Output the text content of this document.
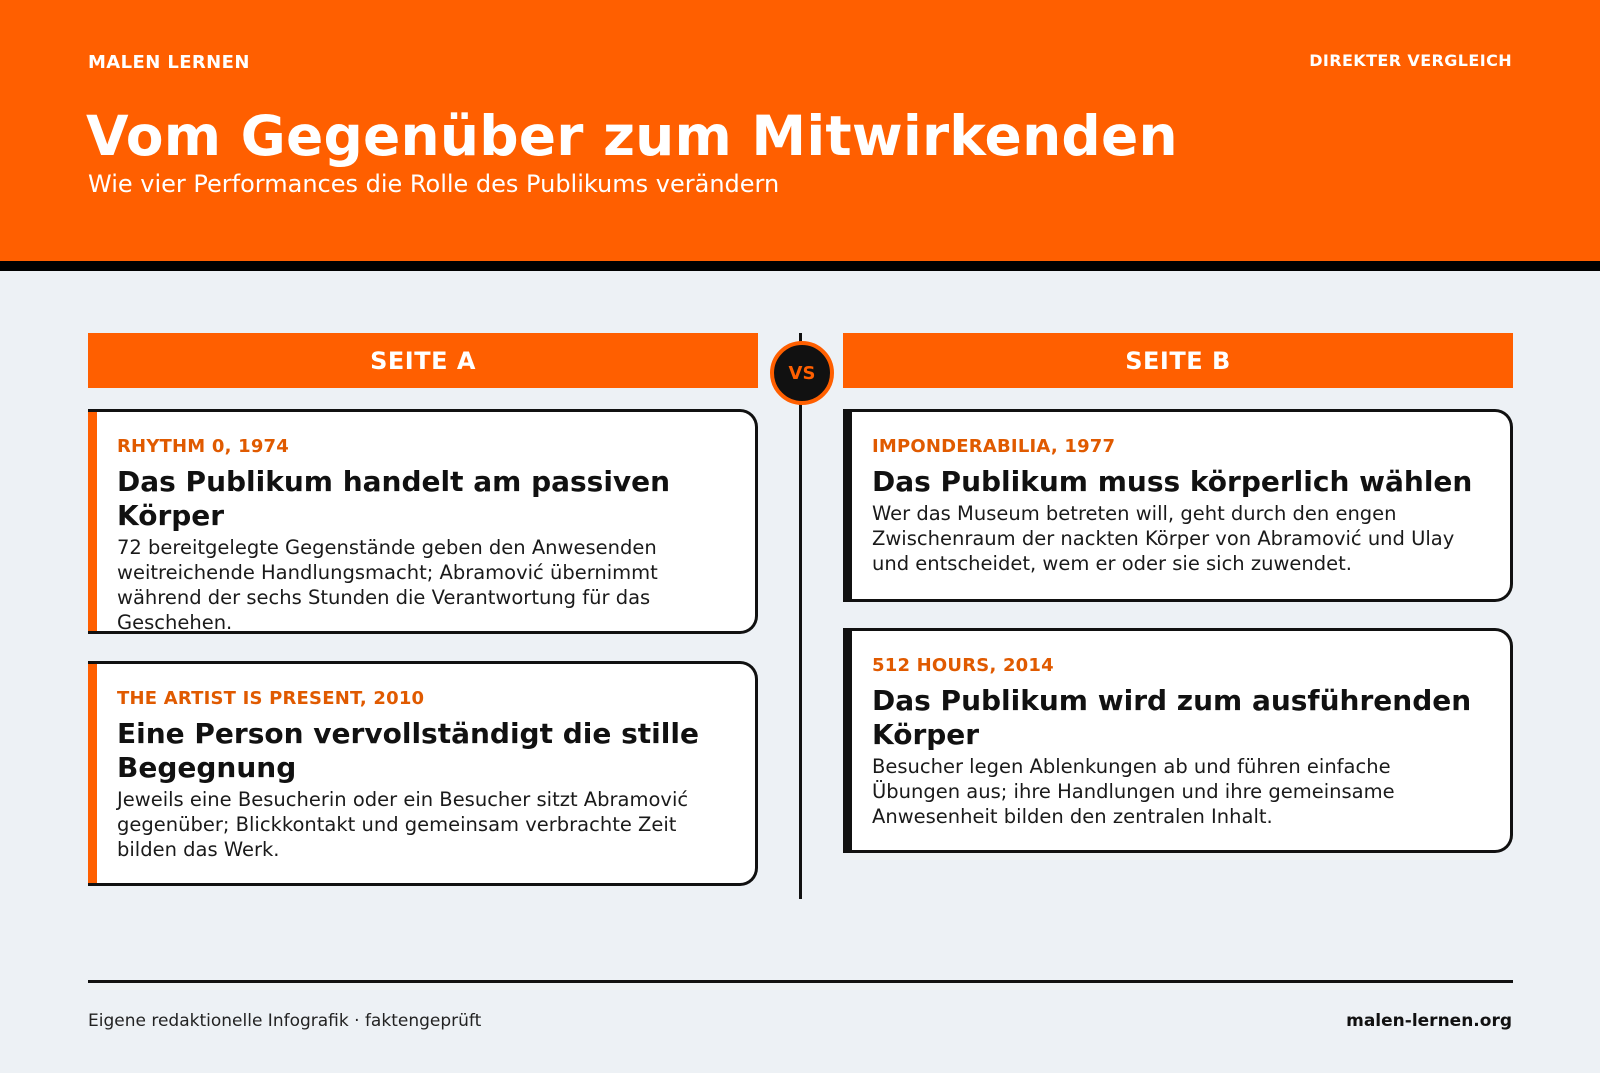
MALEN LERNEN	DIREKTER VERGLEICH
Vom Gegenüber zum Mitwirkenden
Wie vier Performances die Rolle des Publikums verändern
SEITE A	SEITE B
VS
RHYTHM 0, 1974
Das Publikum handelt am passiven Körper

72 bereitgelegte Gegenstände geben den Anwesenden weitreichende Handlungsmacht; Abramović übernimmt während der sechs Stunden die Verantwortung für das Geschehen.

THE ARTIST IS PRESENT, 2010
Eine Person vervollständigt die stille Begegnung

Jeweils eine Besucherin oder ein Besucher sitzt Abramović gegenüber; Blickkontakt und gemeinsam verbrachte Zeit bilden das Werk.

IMPONDERABILIA, 1977
Das Publikum muss körperlich wählen

Wer das Museum betreten will, geht durch den engen Zwischenraum der nackten Körper von Abramović und Ulay und entscheidet, wem er oder sie sich zuwendet.

512 HOURS, 2014
Das Publikum wird zum ausführenden Körper

Besucher legen Ablenkungen ab und führen einfache Übungen aus; ihre Handlungen und ihre gemeinsame Anwesenheit bilden den zentralen Inhalt.

Eigene redaktionelle Infografik · faktengeprüft	malen-lernen.org
